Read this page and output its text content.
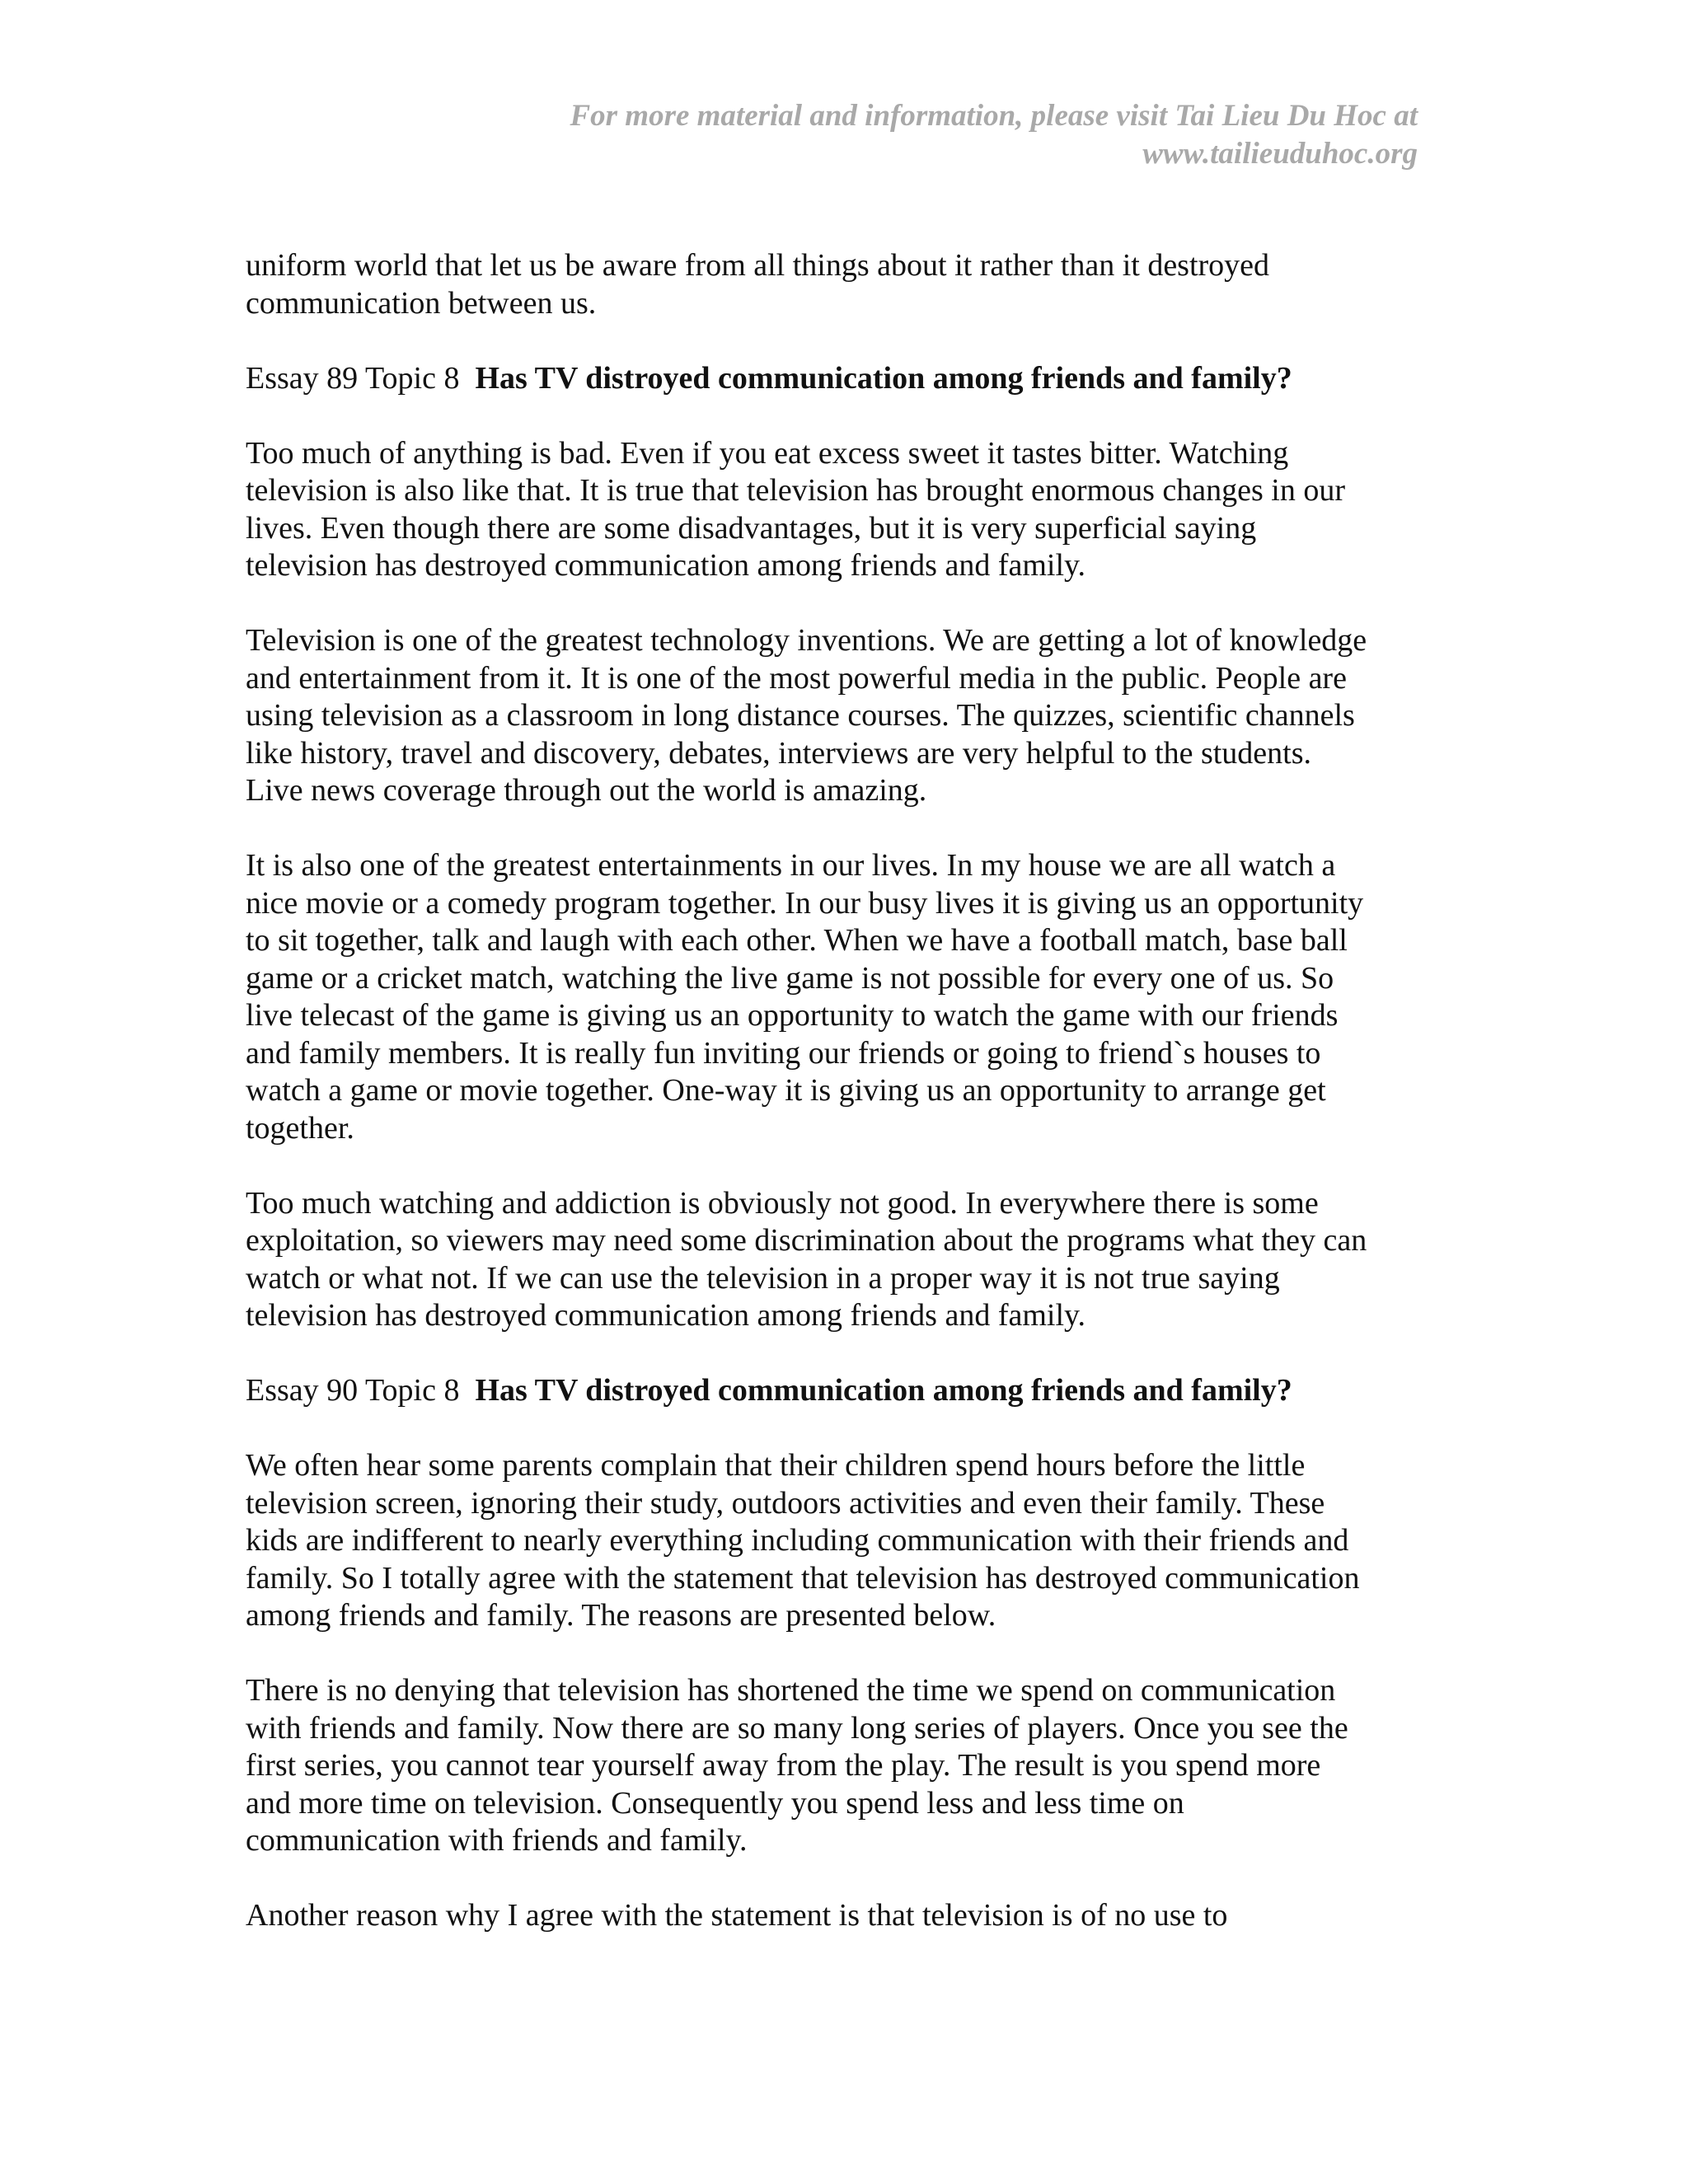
For more material and information, please visit Tai Lieu Du Hoc at
www.tailieuduhoc.org

uniform world that let us be aware from all things about it rather than it destroyed
communication between us.

Essay 89 Topic 8  Has TV distroyed communication among friends and family?

Too much of anything is bad. Even if you eat excess sweet it tastes bitter. Watching
television is also like that. It is true that television has brought enormous changes in our
lives. Even though there are some disadvantages, but it is very superficial saying
television has destroyed communication among friends and family.

Television is one of the greatest technology inventions. We are getting a lot of knowledge
and entertainment from it. It is one of the most powerful media in the public. People are
using television as a classroom in long distance courses. The quizzes, scientific channels
like history, travel and discovery, debates, interviews are very helpful to the students.
Live news coverage through out the world is amazing.

It is also one of the greatest entertainments in our lives. In my house we are all watch a
nice movie or a comedy program together. In our busy lives it is giving us an opportunity
to sit together, talk and laugh with each other. When we have a football match, base ball
game or a cricket match, watching the live game is not possible for every one of us. So
live telecast of the game is giving us an opportunity to watch the game with our friends
and family members. It is really fun inviting our friends or going to friend`s houses to
watch a game or movie together. One-way it is giving us an opportunity to arrange get
together.

Too much watching and addiction is obviously not good. In everywhere there is some
exploitation, so viewers may need some discrimination about the programs what they can
watch or what not. If we can use the television in a proper way it is not true saying
television has destroyed communication among friends and family.

Essay 90 Topic 8  Has TV distroyed communication among friends and family?

We often hear some parents complain that their children spend hours before the little
television screen, ignoring their study, outdoors activities and even their family. These
kids are indifferent to nearly everything including communication with their friends and
family. So I totally agree with the statement that television has destroyed communication
among friends and family. The reasons are presented below.

There is no denying that television has shortened the time we spend on communication
with friends and family. Now there are so many long series of players. Once you see the
first series, you cannot tear yourself away from the play. The result is you spend more
and more time on television. Consequently you spend less and less time on
communication with friends and family.

Another reason why I agree with the statement is that television is of no use to
